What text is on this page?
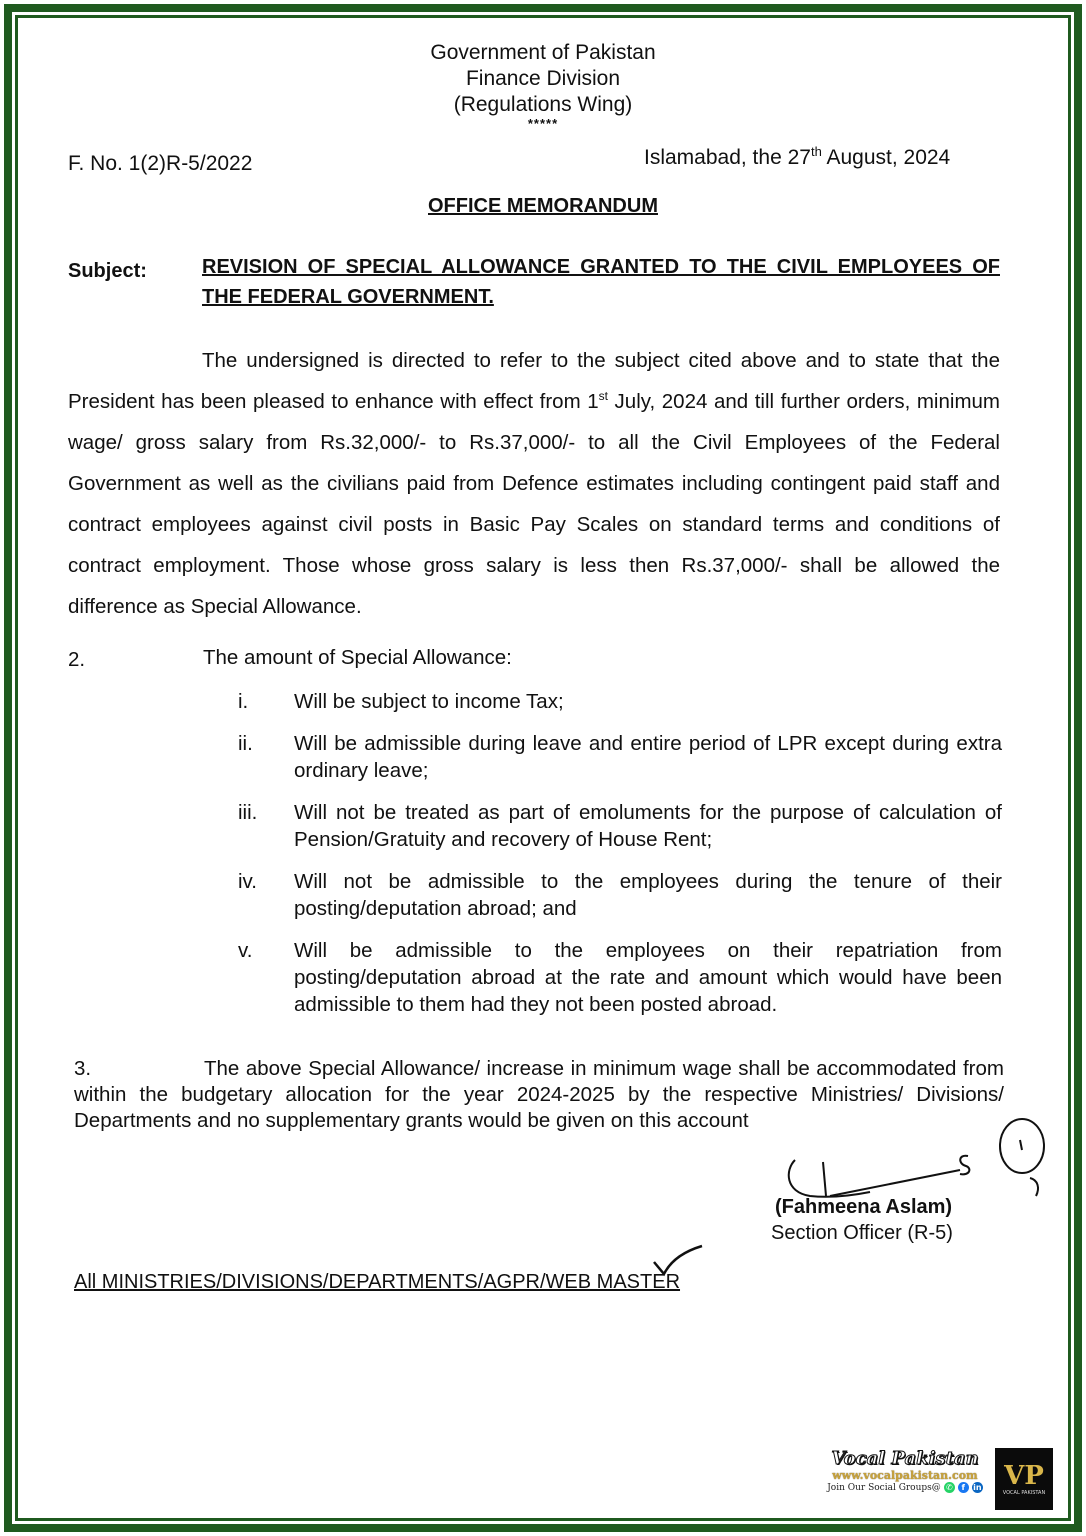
Government of Pakistan
Finance Division
(Regulations Wing)
*****
F. No. 1(2)R-5/2022	Islamabad, the 27th August, 2024
OFFICE MEMORANDUM
Subject:	REVISION OF SPECIAL ALLOWANCE GRANTED TO THE CIVIL EMPLOYEES OF THE FEDERAL GOVERNMENT.
The undersigned is directed to refer to the subject cited above and to state that the President has been pleased to enhance with effect from 1st July, 2024 and till further orders, minimum wage/ gross salary from Rs.32,000/- to Rs.37,000/- to all the Civil Employees of the Federal Government as well as the civilians paid from Defence estimates including contingent paid staff and contract employees against civil posts in Basic Pay Scales on standard terms and conditions of contract employment. Those whose gross salary is less then Rs.37,000/- shall be allowed the difference as Special Allowance.
2.	The amount of Special Allowance:
i.	Will be subject to income Tax;
ii.	Will be admissible during leave and entire period of LPR except during extra ordinary leave;
iii.	Will not be treated as part of emoluments for the purpose of calculation of Pension/Gratuity and recovery of House Rent;
iv.	Will not be admissible to the employees during the tenure of their posting/deputation abroad; and
v.	Will be admissible to the employees on their repatriation from posting/deputation abroad at the rate and amount which would have been admissible to them had they not been posted abroad.
3.	The above Special Allowance/ increase in minimum wage shall be accommodated from within the budgetary allocation for the year 2024-2025 by the respective Ministries/ Divisions/ Departments and no supplementary grants would be given on this account
(Fahmeena Aslam)
Section Officer (R-5)
All MINISTRIES/DIVISIONS/DEPARTMENTS/AGPR/WEB MASTER
Vocal Pakistan
www.vocalpakistan.com
Join Our Social Groups@ ✆	f	in VP
VOCAL PAKISTAN
